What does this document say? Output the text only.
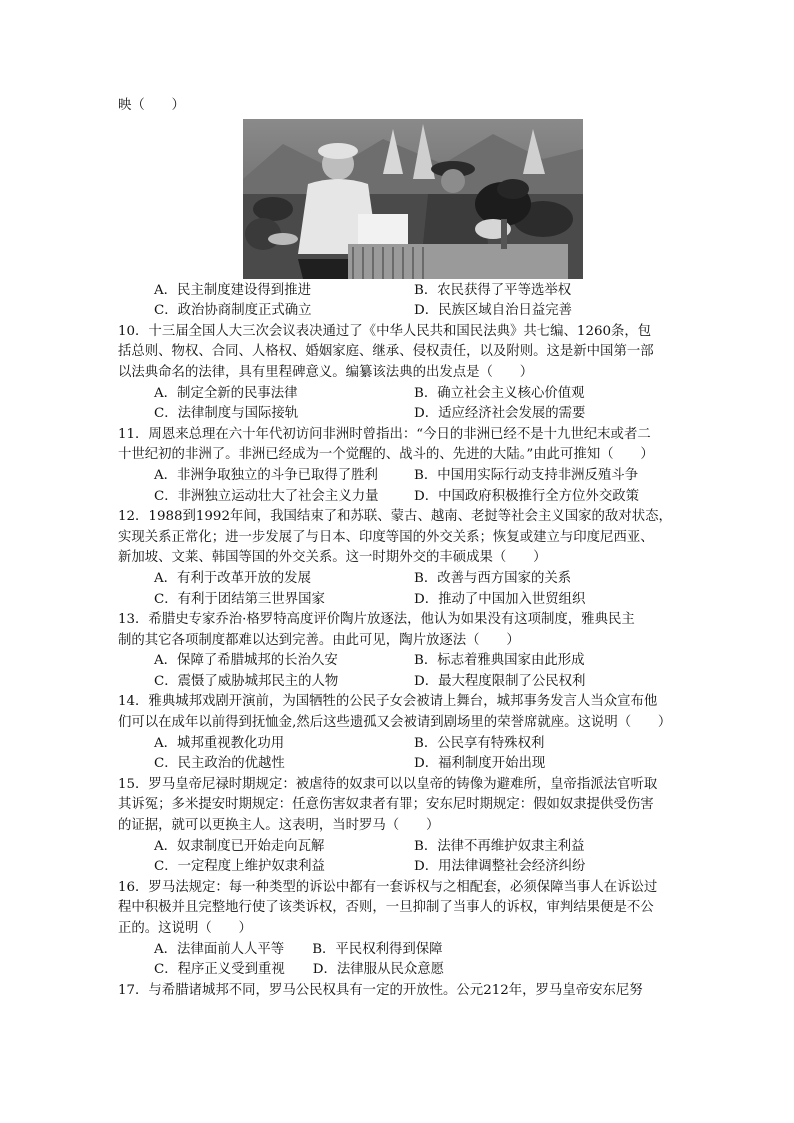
映（　　）
A．民主制度建设得到推进	B．农民获得了平等选举权
C．政治协商制度正式确立	D．民族区域自治日益完善
10．十三届全国人大三次会议表决通过了《中华人民共和国民法典》共七编、1260条，包
括总则、物权、合同、人格权、婚姻家庭、继承、侵权责任，以及附则。这是新中国第一部
以法典命名的法律，具有里程碑意义。编纂该法典的出发点是（　　）
A．制定全新的民事法律	B．确立社会主义核心价值观
C．法律制度与国际接轨	D．适应经济社会发展的需要
11．周恩来总理在六十年代初访问非洲时曾指出：“今日的非洲已经不是十九世纪末或者二
十世纪初的非洲了。非洲已经成为一个觉醒的、战斗的、先进的大陆。”由此可推知（　　）
A．非洲争取独立的斗争已取得了胜利	B．中国用实际行动支持非洲反殖斗争
C．非洲独立运动壮大了社会主义力量	D．中国政府积极推行全方位外交政策
12．1988到1992年间，我国结束了和苏联、蒙古、越南、老挝等社会主义国家的敌对状态，
实现关系正常化；进一步发展了与日本、印度等国的外交关系；恢复或建立与印度尼西亚、
新加坡、文莱、韩国等国的外交关系。这一时期外交的丰硕成果（　　）
A．有利于改革开放的发展	B．改善与西方国家的关系
C．有利于团结第三世界国家	D．推动了中国加入世贸组织
13．希腊史专家乔治·格罗特高度评价陶片放逐法，他认为如果没有这项制度，雅典民主
制的其它各项制度都难以达到完善。由此可见，陶片放逐法（　　）
A．保障了希腊城邦的长治久安	B．标志着雅典国家由此形成
C．震慑了威胁城邦民主的人物	D．最大程度限制了公民权利
14．雅典城邦戏剧开演前，为国牺牲的公民子女会被请上舞台，城邦事务发言人当众宣布他
们可以在成年以前得到抚恤金,然后这些遗孤又会被请到剧场里的荣誉席就座。这说明（　　）
A．城邦重视教化功用	B．公民享有特殊权利
C．民主政治的优越性	D．福利制度开始出现
15．罗马皇帝尼禄时期规定：被虐待的奴隶可以以皇帝的铸像为避难所，皇帝指派法官听取
其诉冤；多米提安时期规定：任意伤害奴隶者有罪；安东尼时期规定：假如奴隶提供受伤害
的证据，就可以更换主人。这表明，当时罗马（　　）
A．奴隶制度已开始走向瓦解	B．法律不再维护奴隶主利益
C．一定程度上维护奴隶利益	D．用法律调整社会经济纠纷
16．罗马法规定：每一种类型的诉讼中都有一套诉权与之相配套，必须保障当事人在诉讼过
程中积极并且完整地行使了该类诉权，否则，一旦抑制了当事人的诉权，审判结果便是不公
正的。这说明（　　）
A．法律面前人人平等 B．平民权利得到保障
C．程序正义受到重视 D．法律服从民众意愿
17．与希腊诸城邦不同，罗马公民权具有一定的开放性。公元212年，罗马皇帝安东尼努
